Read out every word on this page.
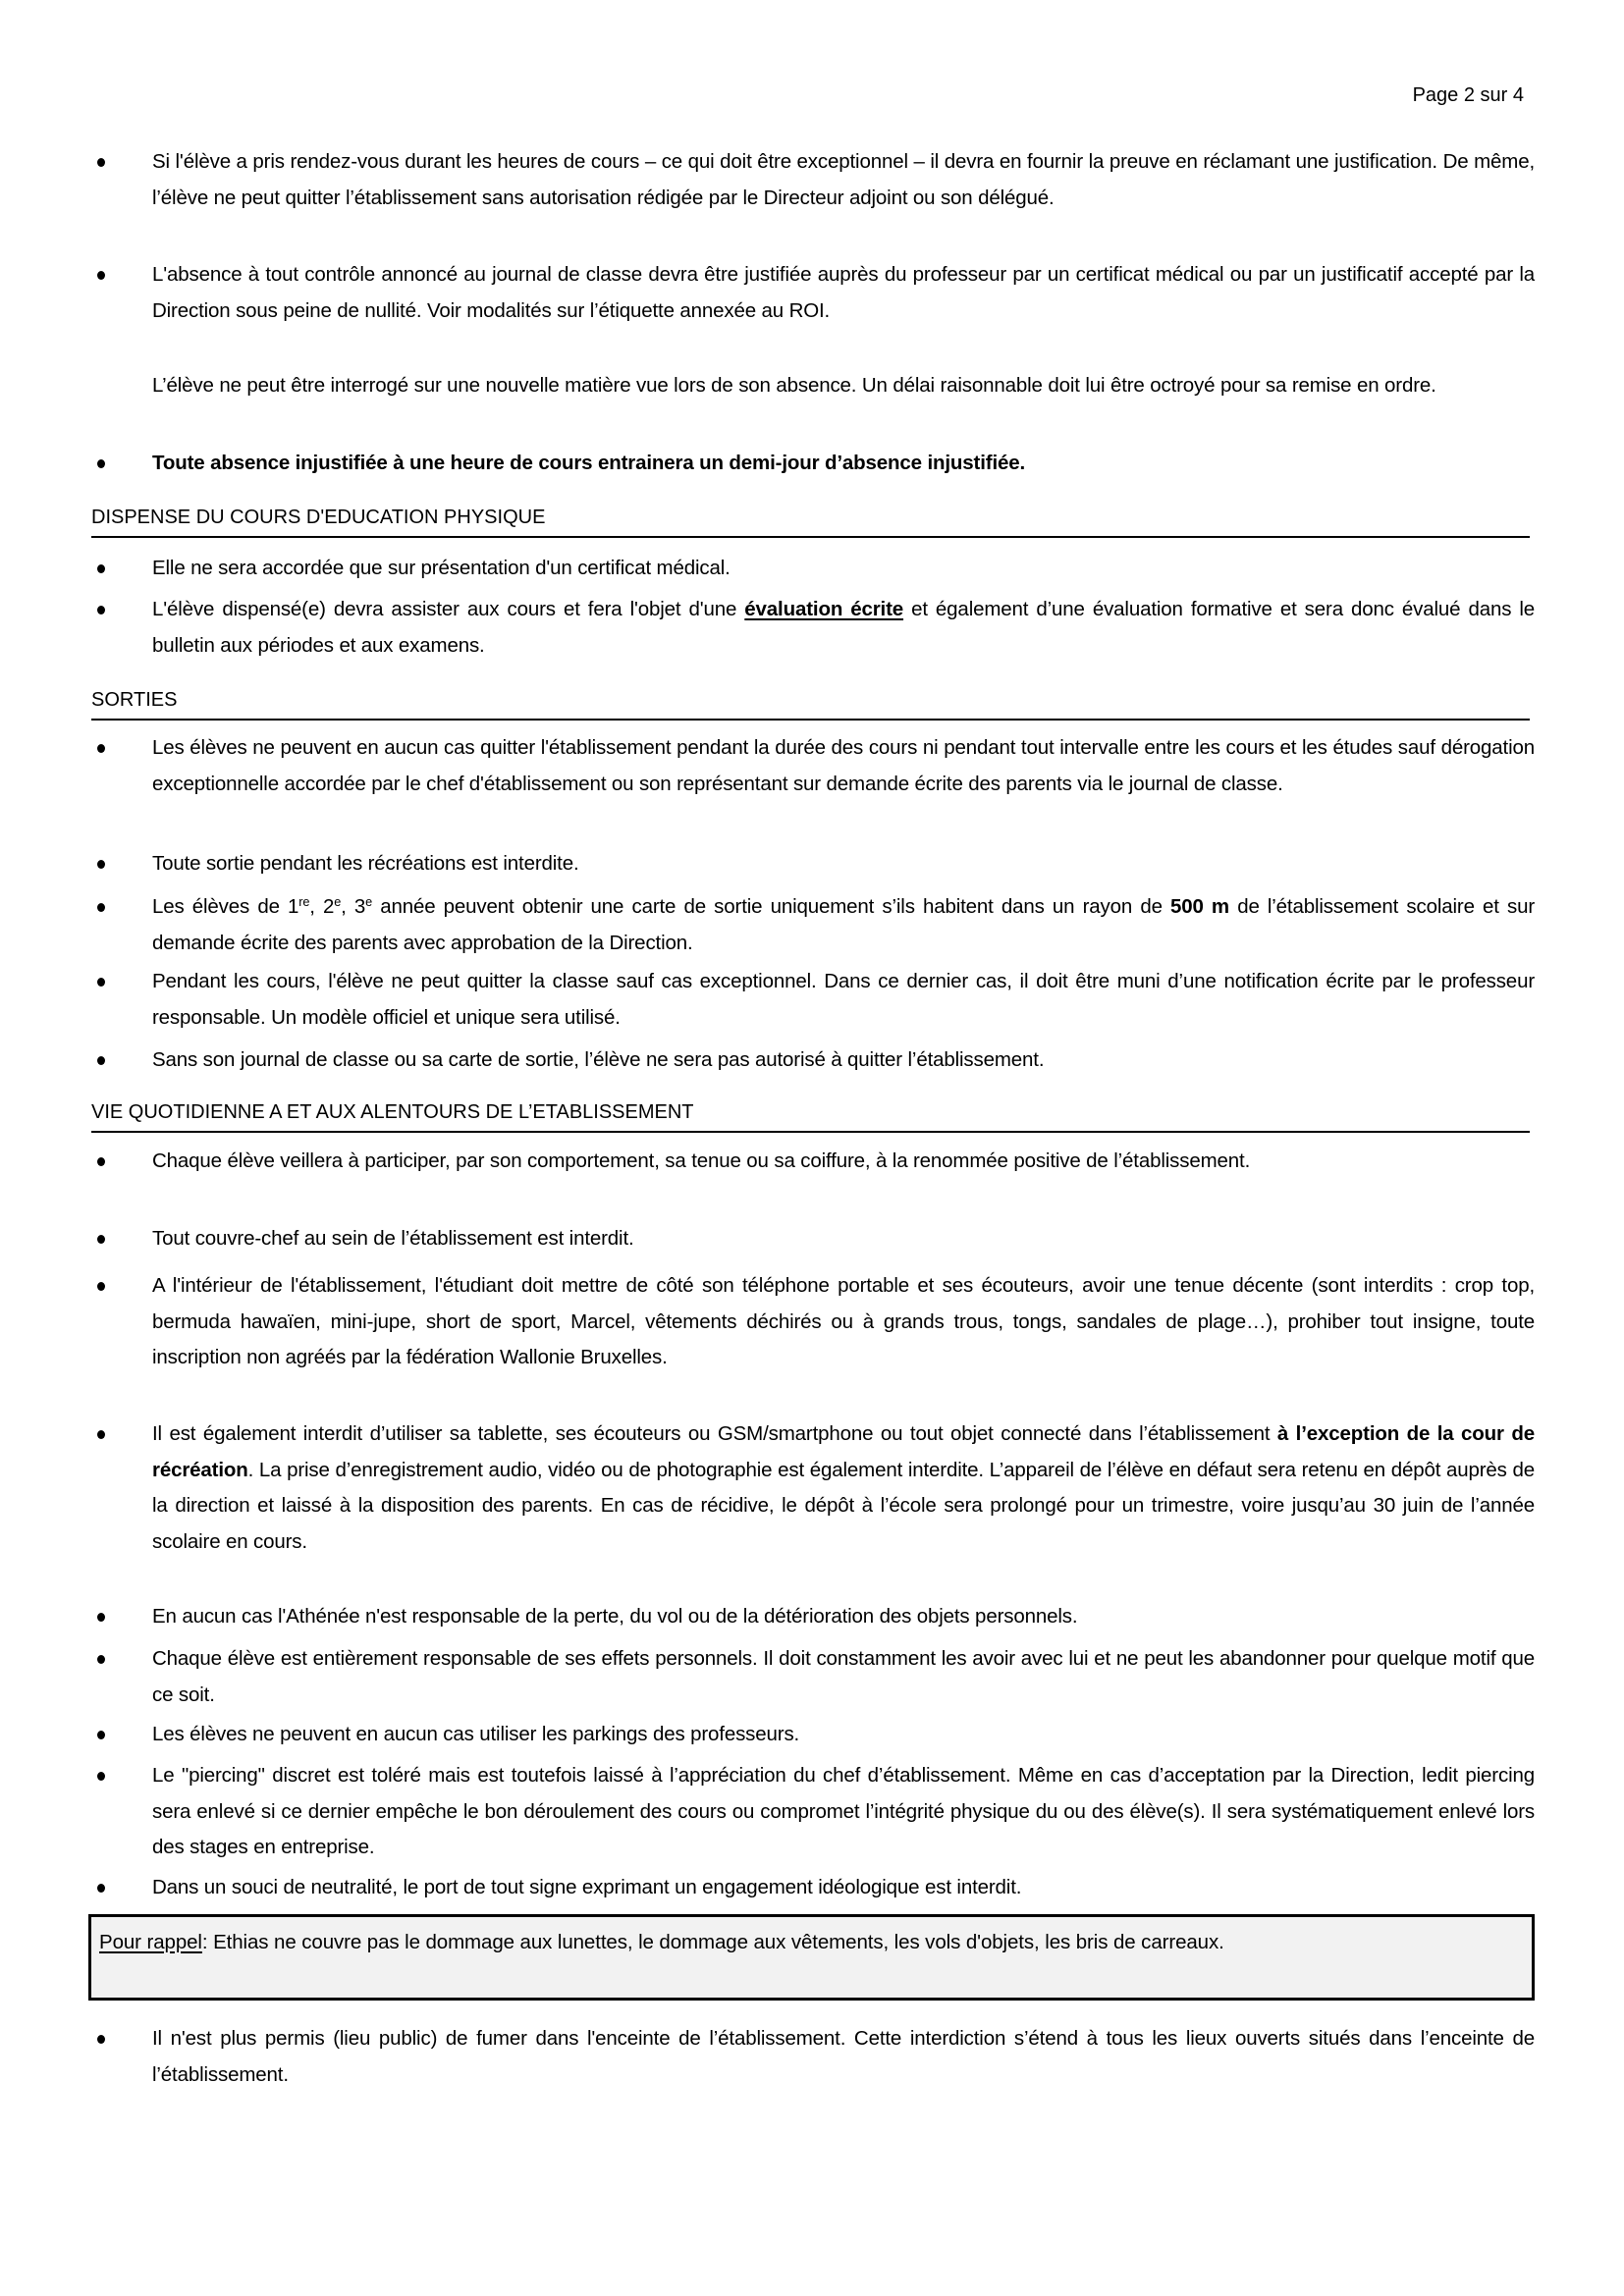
Page 2 sur 4
Si l'élève a pris rendez-vous durant les heures de cours – ce qui doit être exceptionnel – il devra en fournir la preuve en réclamant une justification. De même, l’élève ne peut quitter l’établissement sans autorisation rédigée par le Directeur adjoint ou son délégué.
L'absence à tout contrôle annoncé au journal de classe devra être justifiée auprès du professeur par un certificat médical ou par un justificatif accepté par la Direction sous peine de nullité. Voir modalités sur l’étiquette annexée au ROI.
L’élève ne peut être interrogé sur une nouvelle matière vue lors de son absence. Un délai raisonnable doit lui être octroyé pour sa remise en ordre.
Toute absence injustifiée à une heure de cours entrainera un demi-jour d’absence injustifiée.
DISPENSE DU COURS D'EDUCATION PHYSIQUE
Elle ne sera accordée que sur présentation d'un certificat médical.
L'élève dispensé(e) devra assister aux cours et fera l'objet d'une évaluation écrite et également d’une évaluation formative et sera donc évalué dans le bulletin aux périodes et aux examens.
SORTIES
Les élèves ne peuvent en aucun cas quitter l'établissement pendant la durée des cours ni pendant tout intervalle entre les cours et les études sauf dérogation exceptionnelle accordée par le chef d'établissement ou son représentant sur demande écrite des parents via le journal de classe.
Toute sortie pendant les récréations est interdite.
Les élèves de 1re, 2e, 3e année peuvent obtenir une carte de sortie uniquement s’ils habitent dans un rayon de 500 m de l’établissement scolaire et sur demande écrite des parents avec approbation de la Direction.
Pendant les cours, l'élève ne peut quitter la classe sauf cas exceptionnel. Dans ce dernier cas, il doit être muni d’une notification écrite par le professeur responsable. Un modèle officiel et unique sera utilisé.
Sans son journal de classe ou sa carte de sortie, l’élève ne sera pas autorisé à quitter l’établissement.
VIE QUOTIDIENNE A ET AUX ALENTOURS DE L’ETABLISSEMENT
Chaque élève veillera à participer, par son comportement, sa tenue ou sa coiffure, à la renommée positive de l’établissement.
Tout couvre-chef au sein de l’établissement est interdit.
A l'intérieur de l'établissement, l'étudiant doit mettre de côté son téléphone portable et ses écouteurs, avoir une tenue décente (sont interdits : crop top, bermuda hawaïen, mini-jupe, short de sport, Marcel, vêtements déchirés ou à grands trous, tongs, sandales de plage…), prohiber tout insigne, toute inscription non agréés par la fédération Wallonie Bruxelles.
Il est également interdit d’utiliser sa tablette, ses écouteurs ou GSM/smartphone ou tout objet connecté dans l’établissement à l’exception de la cour de récréation. La prise d’enregistrement audio, vidéo ou de photographie est également interdite. L’appareil de l’élève en défaut sera retenu en dépôt auprès de la direction et laissé à la disposition des parents. En cas de récidive, le dépôt à l’école sera prolongé pour un trimestre, voire jusqu’au 30 juin de l’année scolaire en cours.
En aucun cas l'Athénée n'est responsable de la perte, du vol ou de la détérioration des objets personnels.
Chaque élève est entièrement responsable de ses effets personnels. Il doit constamment les avoir avec lui et ne peut les abandonner pour quelque motif que ce soit.
Les élèves ne peuvent en aucun cas utiliser les parkings des professeurs.
Le "piercing" discret est toléré mais est toutefois laissé à l’appréciation du chef d’établissement. Même en cas d’acceptation par la Direction, ledit piercing sera enlevé si ce dernier empêche le bon déroulement des cours ou compromet l’intégrité physique du ou des élève(s). Il sera systématiquement enlevé lors des stages en entreprise.
Dans un souci de neutralité, le port de tout signe exprimant un engagement idéologique est interdit.
Pour rappel: Ethias ne couvre pas le dommage aux lunettes, le dommage aux vêtements, les vols d'objets, les bris de carreaux.
Il n'est plus permis (lieu public) de fumer dans l'enceinte de l’établissement. Cette interdiction s’étend à tous les lieux ouverts situés dans l’enceinte de l’établissement.
